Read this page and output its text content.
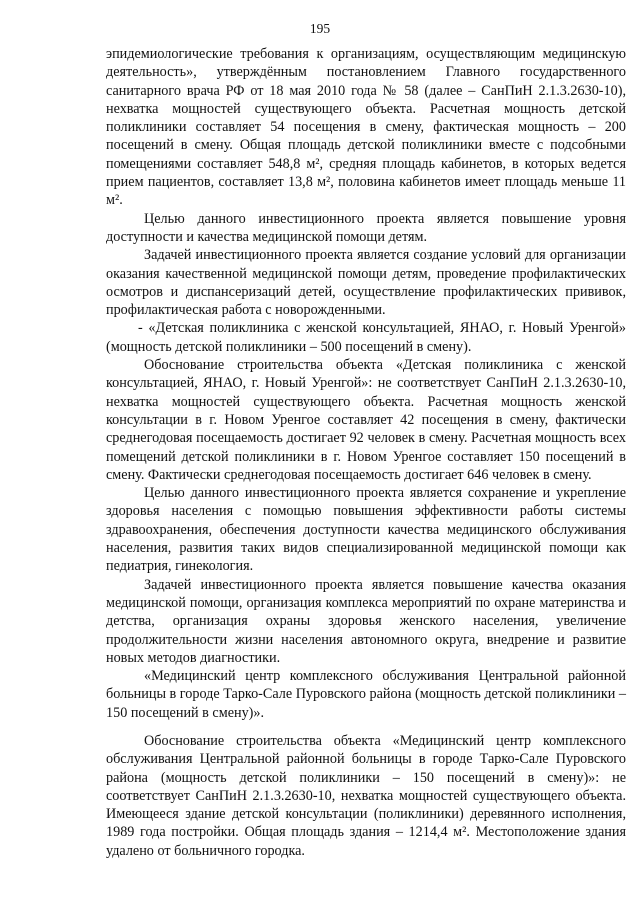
195

эпидемиологические требования к организациям, осуществляющим медицинскую деятельность», утверждённым постановлением Главного государственного санитарного врача РФ от 18 мая 2010 года № 58 (далее – СанПиН 2.1.3.2630-10), нехватка мощностей существующего объекта. Расчетная мощность детской поликлиники составляет 54 посещения в смену, фактическая мощность – 200 посещений в смену. Общая площадь детской поликлиники вместе с подсобными помещениями составляет 548,8 м², средняя площадь кабинетов, в которых ведется прием пациентов, составляет 13,8 м², половина кабинетов имеет площадь меньше 11 м².

Целью данного инвестиционного проекта является повышение уровня доступности и качества медицинской помощи детям.

Задачей инвестиционного проекта является создание условий для организации оказания качественной медицинской помощи детям, проведение профилактических осмотров и диспансеризаций детей, осуществление профилактических прививок, профилактическая работа с новорожденными.

- «Детская поликлиника с женской консультацией, ЯНАО, г. Новый Уренгой» (мощность детской поликлиники – 500 посещений в смену).

Обоснование строительства объекта «Детская поликлиника с женской консультацией, ЯНАО, г. Новый Уренгой»: не соответствует СанПиН 2.1.3.2630-10, нехватка мощностей существующего объекта. Расчетная мощность женской консультации в г. Новом Уренгое составляет 42 посещения в смену, фактически среднегодовая посещаемость достигает 92 человек в смену. Расчетная мощность всех помещений детской поликлиники в г. Новом Уренгое составляет 150 посещений в смену. Фактически среднегодовая посещаемость достигает 646 человек в смену.

Целью данного инвестиционного проекта является сохранение и укрепление здоровья населения с помощью повышения эффективности работы системы здравоохранения, обеспечения доступности качества медицинского обслуживания населения, развития таких видов специализированной медицинской помощи как педиатрия, гинекология.

Задачей инвестиционного проекта является повышение качества оказания медицинской помощи, организация комплекса мероприятий по охране материнства и детства, организация охраны здоровья женского населения, увеличение продолжительности жизни населения автономного округа, внедрение и развитие новых методов диагностики.

«Медицинский центр комплексного обслуживания Центральной районной больницы в городе Тарко-Сале Пуровского района (мощность детской поликлиники – 150 посещений в смену)».

Обоснование строительства объекта «Медицинский центр комплексного обслуживания Центральной районной больницы в городе Тарко-Сале Пуровского района (мощность детской поликлиники – 150 посещений в смену)»: не соответствует СанПиН 2.1.3.2630-10, нехватка мощностей существующего объекта. Имеющееся здание детской консультации (поликлиники) деревянного исполнения, 1989 года постройки. Общая площадь здания – 1214,4 м². Местоположение здания удалено от больничного городка.
